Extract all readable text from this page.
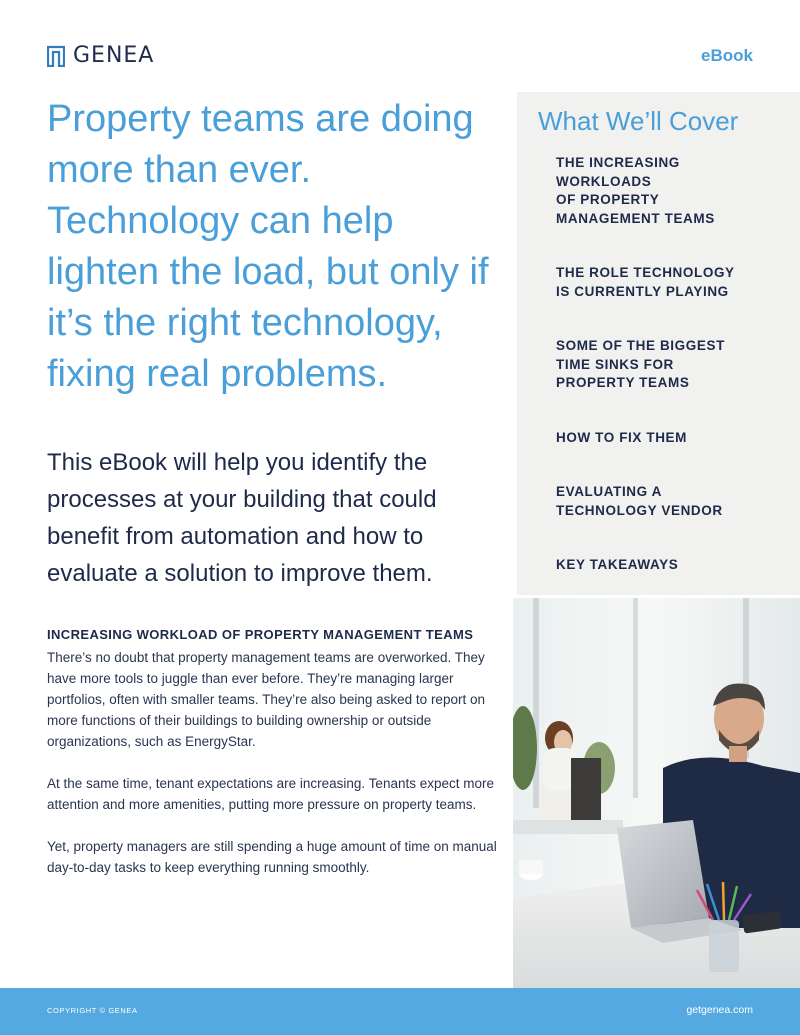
GENEA	eBook
Property teams are doing more than ever. Technology can help lighten the load, but only if it’s the right technology, fixing real problems.

This eBook will help you identify the processes at your building that could benefit from automation and how to evaluate a solution to improve them.

INCREASING WORKLOAD OF PROPERTY MANAGEMENT TEAMS

There’s no doubt that property management teams are overworked. They have more tools to juggle than ever before. They’re managing larger portfolios, often with smaller teams. They’re also being asked to report on more functions of their buildings to building ownership or outside organizations, such as EnergyStar.

At the same time, tenant expectations are increasing. Tenants expect more attention and more amenities, putting more pressure on property teams.

Yet, property managers are still spending a huge amount of time on manual day-to-day tasks to keep everything running smoothly.

What We’ll Cover
THE INCREASING
WORKLOADS
OF PROPERTY
MANAGEMENT TEAMS
THE ROLE TECHNOLOGY
IS CURRENTLY PLAYING
SOME OF THE BIGGEST
TIME SINKS FOR
PROPERTY TEAMS
HOW TO FIX THEM
EVALUATING A
TECHNOLOGY VENDOR
KEY TAKEAWAYS
COPYRIGHT © GENEA	getgenea.com
